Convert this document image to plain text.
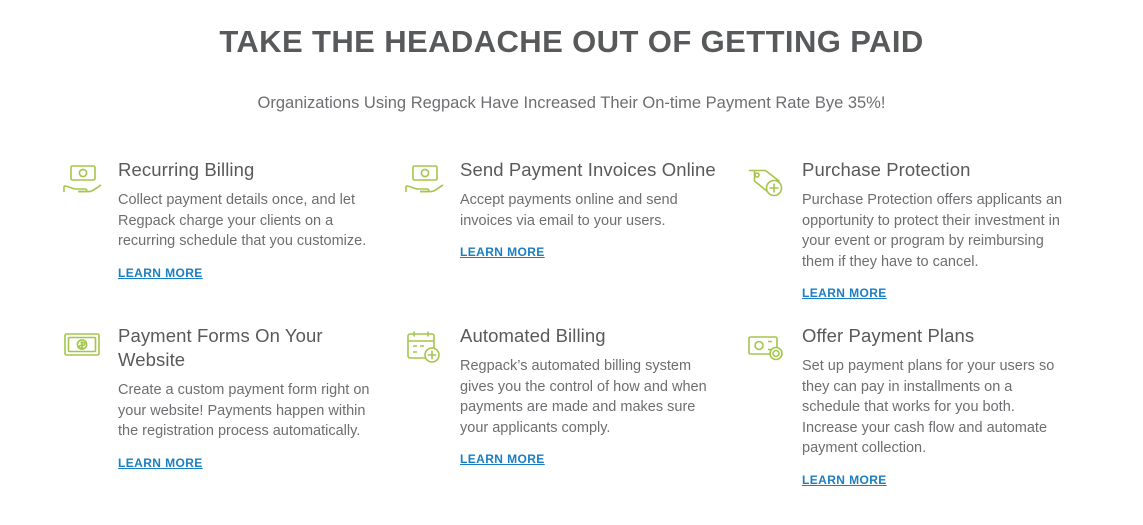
TAKE THE HEADACHE OUT OF GETTING PAID

Organizations Using Regpack Have Increased Their On-time Payment Rate Bye 35%!

Recurring Billing
Collect payment details once, and let Regpack charge your clients on a recurring schedule that you customize.
LEARN MORE
Send Payment Invoices Online
Accept payments online and send invoices via email to your users.
LEARN MORE
Purchase Protection
Purchase Protection offers applicants an opportunity to protect their investment in your event or program by reimbursing them if they have to cancel.
LEARN MORE
Payment Forms On Your Website
Create a custom payment form right on your website! Payments happen within the registration process automatically.
LEARN MORE
Automated Billing
Regpack’s automated billing system gives you the control of how and when payments are made and makes sure your applicants comply.
LEARN MORE
Offer Payment Plans
Set up payment plans for your users so they can pay in installments on a schedule that works for you both. Increase your cash flow and automate payment collection.
LEARN MORE
